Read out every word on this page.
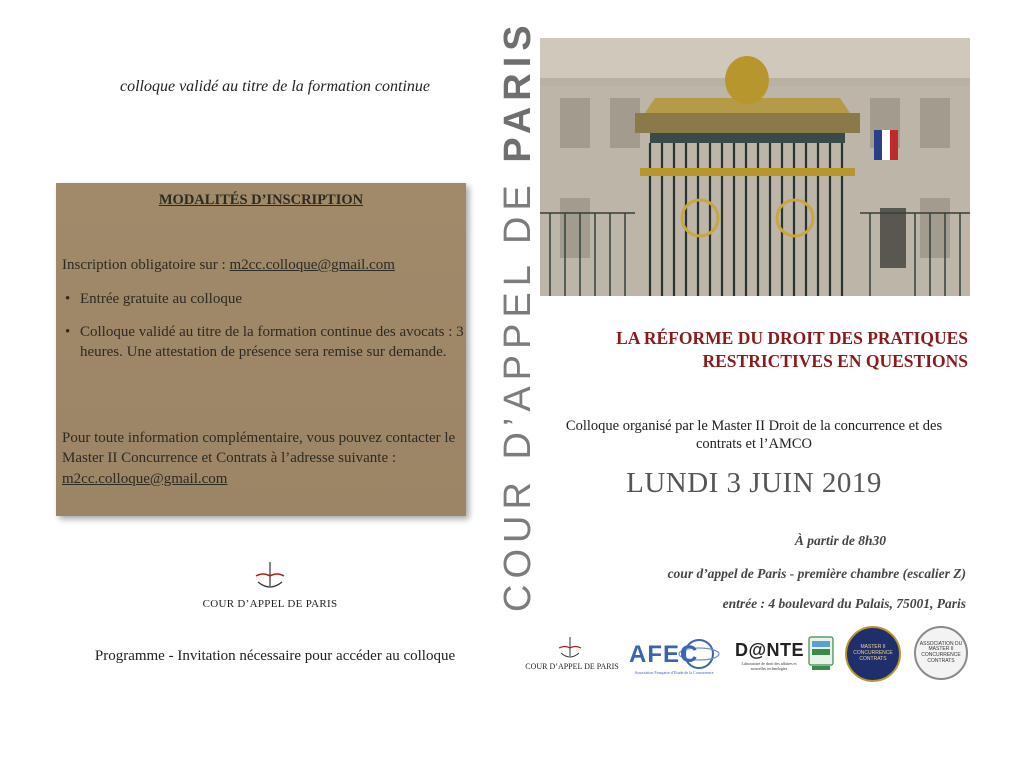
colloque validé au titre de la formation continue
MODALITÉS D’INSCRIPTION
Inscription obligatoire sur : m2cc.colloque@gmail.com
• Entrée gratuite au colloque
• Colloque validé au titre de la formation continue des avocats : 3 heures. Une attestation de présence sera remise sur demande.
Pour toute information complémentaire, vous pouvez contacter le Master II Concurrence et Contrats à l’adresse suivante : m2cc.colloque@gmail.com
COUR D’APPEL DE PARIS
Programme - Invitation nécessaire pour accéder au colloque
COUR D’APPEL DE PARIS
LA RÉFORME DU DROIT DES PRATIQUES
RESTRICTIVES EN QUESTIONS
Colloque organisé par le Master II Droit de la concurrence et des
contrats et l’AMCO
LUNDI 3 JUIN 2019
À partir de 8h30
cour d’appel de Paris - première chambre (escalier Z)
entrée : 4 boulevard du Palais, 75001, Paris
COUR D’APPEL DE PARIS AFEC
Association Française d’Etude de la Concurrence
D@NTE
Laboratoire de droit des affaires et nouvelles technologies
MASTER II CONCURRENCE CONTRATS
ASSOCIATION DU MASTER II CONCURRENCE CONTRATS
